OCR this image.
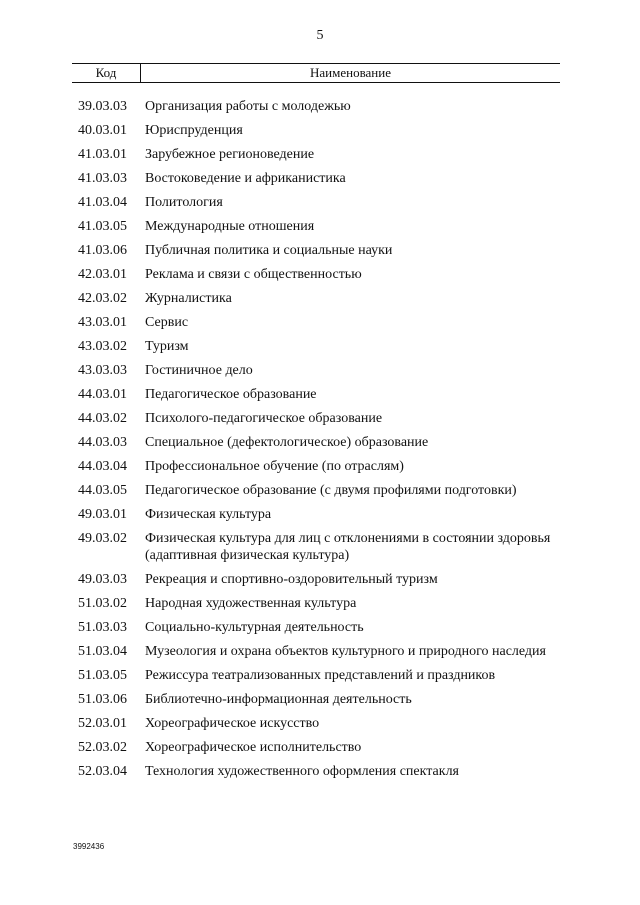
5
Код	Наименование
39.03.03	Организация работы с молодежью
40.03.01	Юриспруденция
41.03.01	Зарубежное регионоведение
41.03.03	Востоковедение и африканистика
41.03.04	Политология
41.03.05	Международные отношения
41.03.06	Публичная политика и социальные науки
42.03.01	Реклама и связи с общественностью
42.03.02	Журналистика
43.03.01	Сервис
43.03.02	Туризм
43.03.03	Гостиничное дело
44.03.01	Педагогическое образование
44.03.02	Психолого-педагогическое образование
44.03.03	Специальное (дефектологическое) образование
44.03.04	Профессиональное обучение (по отраслям)
44.03.05	Педагогическое образование (с двумя профилями подготовки)
49.03.01	Физическая культура
49.03.02	Физическая культура для лиц с отклонениями в состоянии здоровья (адаптивная физическая культура)
49.03.03	Рекреация и спортивно-оздоровительный туризм
51.03.02	Народная художественная культура
51.03.03	Социально-культурная деятельность
51.03.04	Музеология и охрана объектов культурного и природного наследия
51.03.05	Режиссура театрализованных представлений и праздников
51.03.06	Библиотечно-информационная деятельность
52.03.01	Хореографическое искусство
52.03.02	Хореографическое исполнительство
52.03.04	Технология художественного оформления спектакля
3992436
